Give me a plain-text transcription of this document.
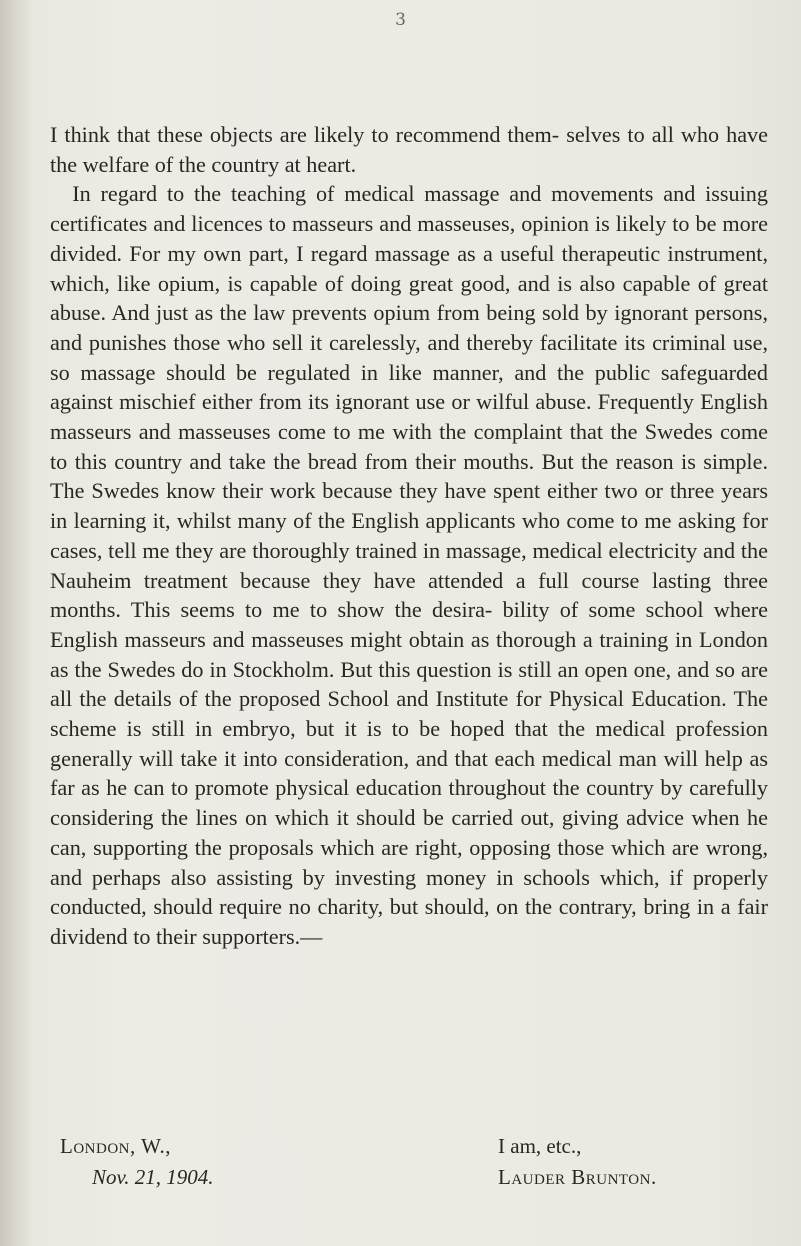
3

I think that these objects are likely to recommend them- selves to all who have the welfare of the country at heart.

In regard to the teaching of medical massage and movements and issuing certificates and licences to masseurs and masseuses, opinion is likely to be more divided. For my own part, I regard massage as a useful therapeutic instrument, which, like opium, is capable of doing great good, and is also capable of great abuse. And just as the law prevents opium from being sold by ignorant persons, and punishes those who sell it carelessly, and thereby facilitate its criminal use, so massage should be regulated in like manner, and the public safeguarded against mischief either from its ignorant use or wilful abuse. Frequently English masseurs and masseuses come to me with the complaint that the Swedes come to this country and take the bread from their mouths. But the reason is simple. The Swedes know their work because they have spent either two or three years in learning it, whilst many of the English applicants who come to me asking for cases, tell me they are thoroughly trained in massage, medical electricity and the Nauheim treatment because they have attended a full course lasting three months. This seems to me to show the desira- bility of some school where English masseurs and masseuses might obtain as thorough a training in London as the Swedes do in Stockholm. But this question is still an open one, and so are all the details of the proposed School and Institute for Physical Education. The scheme is still in embryo, but it is to be hoped that the medical profession generally will take it into consideration, and that each medical man will help as far as he can to promote physical education throughout the country by carefully considering the lines on which it should be carried out, giving advice when he can, supporting the proposals which are right, opposing those which are wrong, and perhaps also assisting by investing money in schools which, if properly conducted, should require no charity, but should, on the contrary, bring in a fair dividend to their supporters.—

London, W.,	I am, etc.,
Nov. 21, 1904.	Lauder Brunton.
